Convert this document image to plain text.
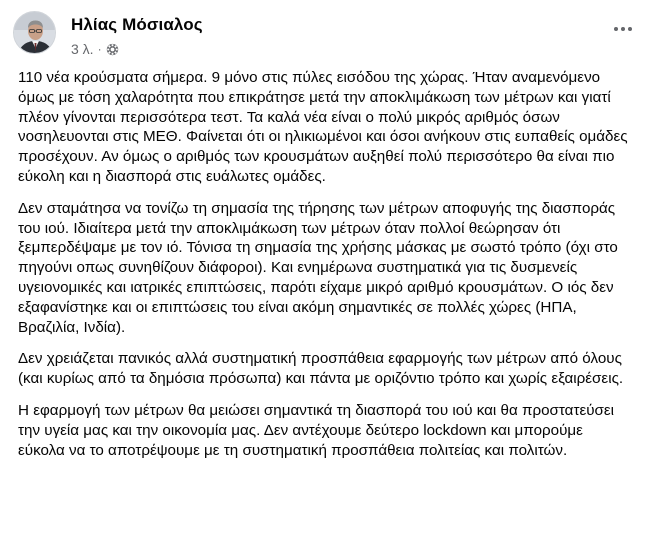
Ηλίας Μόσιαλος
3 λ. ·

110 νέα κρούσματα σήμερα. 9 μόνο στις πύλες εισόδου της χώρας. Ήταν αναμενόμενο όμως με τόση χαλαρότητα που επικράτησε μετά την αποκλιμάκωση των μέτρων και γιατί πλέον γίνονται περισσότερα τεστ. Τα καλά νέα είναι ο πολύ μικρός αριθμός όσων νοσηλευονται στις ΜΕΘ. Φαίνεται ότι οι ηλικιωμένοι και όσοι ανήκουν στις ευπαθείς ομάδες προσέχουν. Αν όμως ο αριθμός των κρουσμάτων αυξηθεί πολύ περισσότερο θα είναι πιο εύκολη και η διασπορά στις ευάλωτες ομάδες.

Δεν σταμάτησα να τονίζω τη σημασία της τήρησης των μέτρων αποφυγής της διασποράς του ιού. Ιδιαίτερα μετά την αποκλιμάκωση των μέτρων όταν πολλοί θεώρησαν ότι ξεμπερδέψαμε με τον ιό. Τόνισα τη σημασία της χρήσης μάσκας με σωστό τρόπο (όχι στο πηγούνι οπως συνηθίζουν διάφοροι). Και ενημέρωνα συστηματικά για τις δυσμενείς υγειονομικές και ιατρικές επιπτώσεις, παρότι είχαμε μικρό αριθμό κρουσμάτων. Ο ιός δεν εξαφανίστηκε και οι επιπτώσεις του είναι ακόμη σημαντικές σε πολλές χώρες (ΗΠΑ, Βραζιλία, Ινδία).

Δεν χρειάζεται πανικός αλλά συστηματική προσπάθεια εφαρμογής των μέτρων από όλους (και κυρίως από τα δημόσια πρόσωπα) και πάντα με οριζόντιο τρόπο και χωρίς εξαιρέσεις.

Η εφαρμογή των μέτρων θα μειώσει σημαντικά τη διασπορά του ιού και θα προστατεύσει την υγεία μας και την οικονομία μας. Δεν αντέχουμε δεύτερο lockdown και μπορούμε εύκολα να το αποτρέψουμε με τη συστηματική προσπάθεια πολιτείας και πολιτών.
